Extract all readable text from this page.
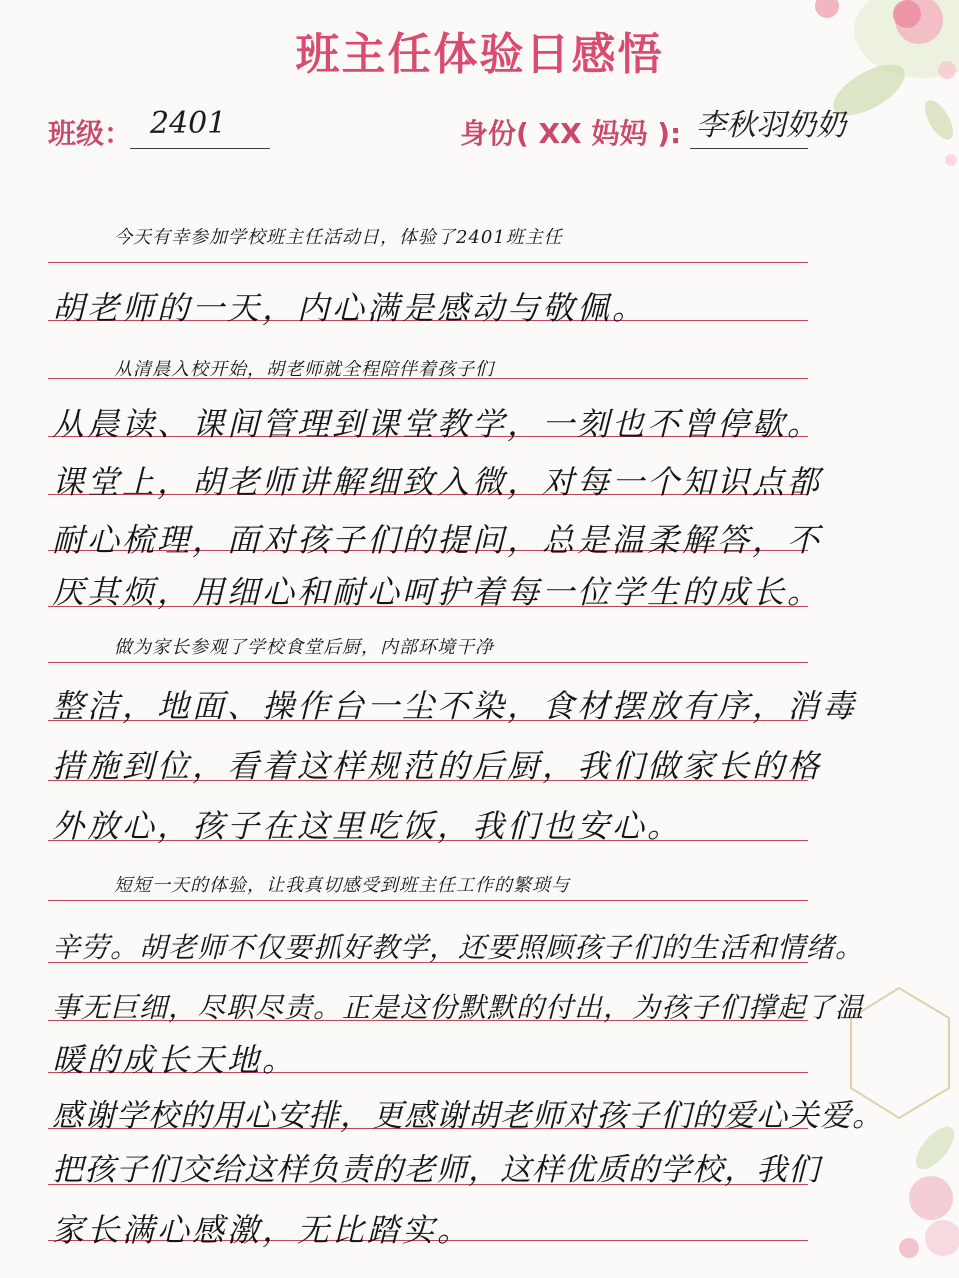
班主任体验日感悟
班级： 2401	身份( XX 妈妈 ): 李秋羽奶奶
今天有幸参加学校班主任活动日，体验了2401班主任
胡老师的一天，内心满是感动与敬佩。
从清晨入校开始，胡老师就全程陪伴着孩子们
从晨读、课间管理到课堂教学，一刻也不曾停歇。
课堂上，胡老师讲解细致入微，对每一个知识点都
耐心梳理，面对孩子们的提问，总是温柔解答，不
厌其烦，用细心和耐心呵护着每一位学生的成长。
做为家长参观了学校食堂后厨，内部环境干净
整洁，地面、操作台一尘不染，食材摆放有序，消毒
措施到位，看着这样规范的后厨，我们做家长的格
外放心，孩子在这里吃饭，我们也安心。
短短一天的体验，让我真切感受到班主任工作的繁琐与
辛劳。胡老师不仅要抓好教学，还要照顾孩子们的生活和情绪。
事无巨细，尽职尽责。正是这份默默的付出，为孩子们撑起了温
暖的成长天地。
感谢学校的用心安排，更感谢胡老师对孩子们的爱心关爱。
把孩子们交给这样负责的老师，这样优质的学校，我们
家长满心感激，无比踏实。
